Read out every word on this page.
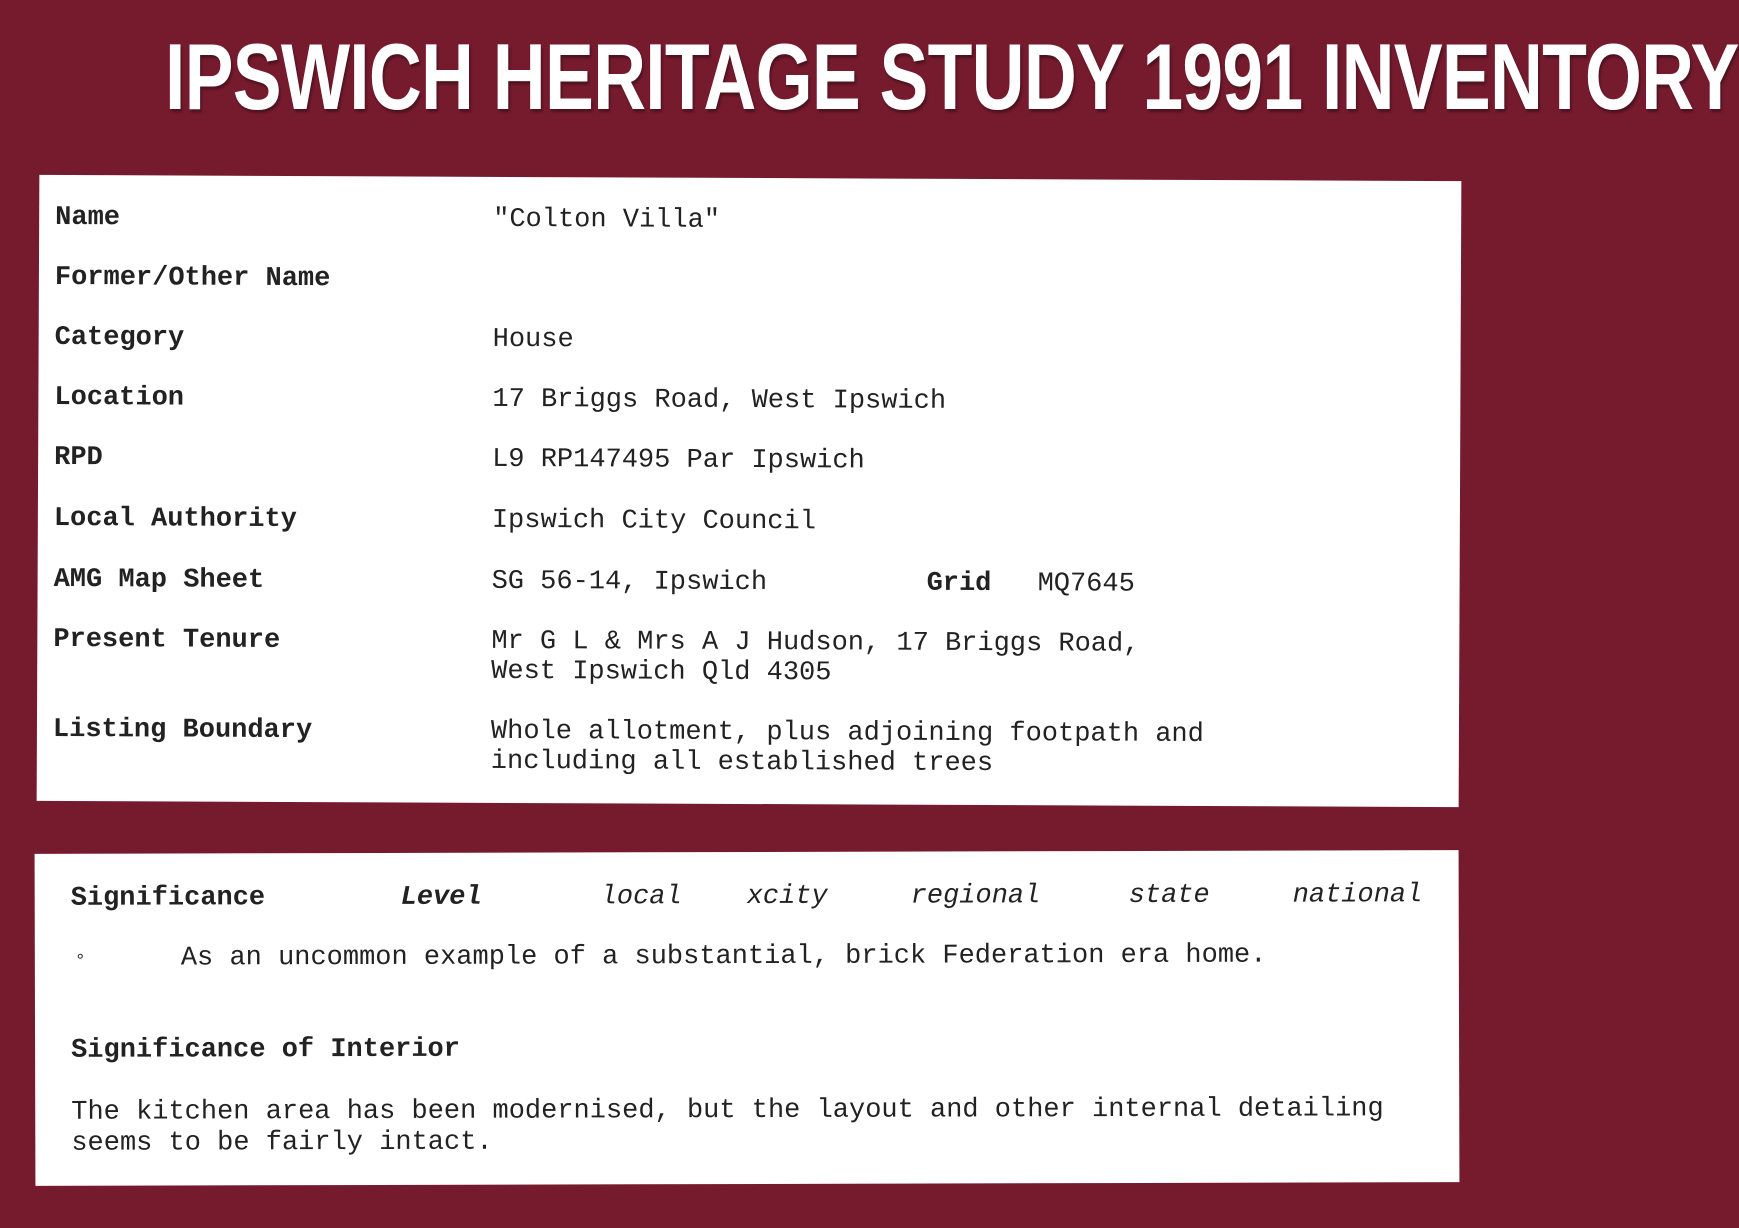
IPSWICH HERITAGE STUDY 1991 INVENTORY
Name	"Colton Villa"
Former/Other Name
Category	House
Location	17 Briggs Road, West Ipswich
RPD	L9 RP147495 Par Ipswich
Local Authority	Ipswich City Council
AMG Map Sheet	SG 56-14, Ipswich	Grid MQ7645
Present Tenure	Mr G L & Mrs A J Hudson, 17 Briggs Road,
West Ipswich Qld 4305
Listing Boundary	Whole allotment, plus adjoining footpath and
including all established trees
Significance	Level	local xcity	regional	state	national
°	As an uncommon example of a substantial, brick Federation era home.
Significance of Interior
The kitchen area has been modernised, but the layout and other internal detailing seems to be fairly intact.
